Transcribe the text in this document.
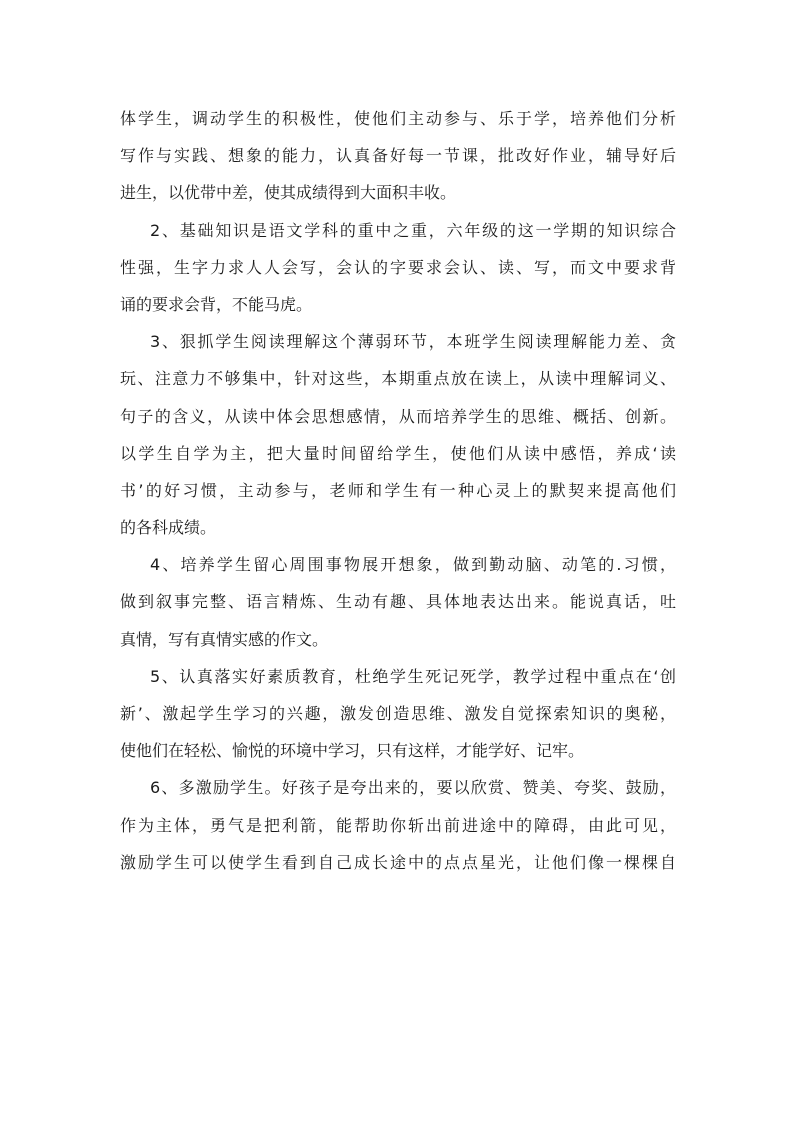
体学生，调动学生的积极性，使他们主动参与、乐于学，培养他们分析
写作与实践、想象的能力，认真备好每一节课，批改好作业，辅导好后
进生，以优带中差，使其成绩得到大面积丰收。
2、基础知识是语文学科的重中之重，六年级的这一学期的知识综合
性强，生字力求人人会写，会认的字要求会认、读、写，而文中要求背
诵的要求会背，不能马虎。
3、狠抓学生阅读理解这个薄弱环节，本班学生阅读理解能力差、贪
玩、注意力不够集中，针对这些，本期重点放在读上，从读中理解词义、
句子的含义，从读中体会思想感情，从而培养学生的思维、概括、创新。
以学生自学为主，把大量时间留给学生，使他们从读中感悟，养成‘读
书’的好习惯，主动参与，老师和学生有一种心灵上的默契来提高他们
的各科成绩。
4、培养学生留心周围事物展开想象，做到勤动脑、动笔的.习惯，
做到叙事完整、语言精炼、生动有趣、具体地表达出来。能说真话，吐
真情，写有真情实感的作文。
5、认真落实好素质教育，杜绝学生死记死学，教学过程中重点在‘创
新’、激起学生学习的兴趣，激发创造思维、激发自觉探索知识的奥秘，
使他们在轻松、愉悦的环境中学习，只有这样，才能学好、记牢。
6、多激励学生。好孩子是夸出来的，要以欣赏、赞美、夸奖、鼓励，
作为主体，勇气是把利箭，能帮助你斩出前进途中的障碍，由此可见，
激励学生可以使学生看到自己成长途中的点点星光，让他们像一棵棵自
